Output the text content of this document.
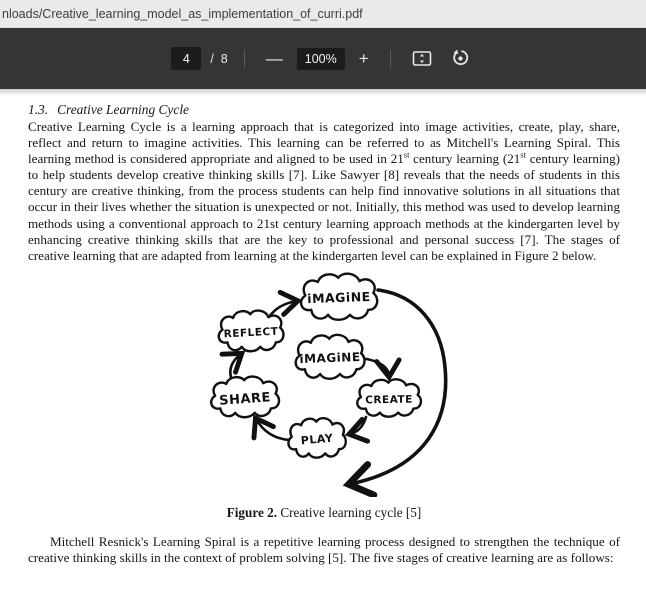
nloads/Creative_learning_model_as_implementation_of_curri.pdf
4
/ 8 —	100%	+

1.3. Creative Learning Cycle

Creative Learning Cycle is a learning approach that is categorized into image activities, create, play, share, reflect and return to imagine activities. This learning can be referred to as Mitchell's Learning Spiral. This learning method is considered appropriate and aligned to be used in 21st century learning (21st century learning) to help students develop creative thinking skills [7]. Like Sawyer [8] reveals that the needs of students in this century are creative thinking, from the process students can help find innovative solutions in all situations that occur in their lives whether the situation is unexpected or not. Initially, this method was used to develop learning methods using a conventional approach to 21st century learning approach methods at the kindergarten level by enhancing creative thinking skills that are the key to professional and personal success [7]. The stages of creative learning that are adapted from learning at the kindergarten level can be explained in Figure 2 below.

iMAGiNE
REFLECT
iMAGiNE
SHARE	CREATE
PLAY

Figure 2. Creative learning cycle [5]

Mitchell Resnick's Learning Spiral is a repetitive learning process designed to strengthen the technique of creative thinking skills in the context of problem solving [5]. The five stages of creative learning are as follows:
